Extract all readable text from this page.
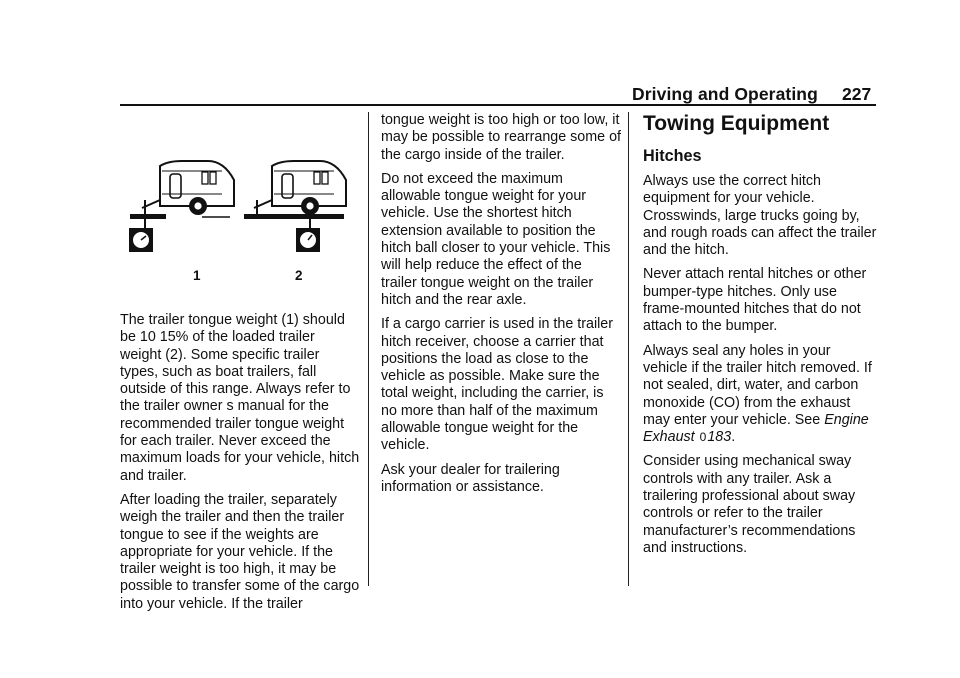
Driving and Operating 227
1	2

The trailer tongue weight (1) should be 10 15% of the loaded trailer weight (2). Some specific trailer types, such as boat trailers, fall outside of this range. Always refer to the trailer owner s manual for the recommended trailer tongue weight for each trailer. Never exceed the maximum loads for your vehicle, hitch and trailer.

After loading the trailer, separately weigh the trailer and then the trailer tongue to see if the weights are appropriate for your vehicle. If the trailer weight is too high, it may be possible to transfer some of the cargo into your vehicle. If the trailer

tongue weight is too high or too low, it may be possible to rearrange some of the cargo inside of the trailer.

Do not exceed the maximum allowable tongue weight for your vehicle. Use the shortest hitch extension available to position the hitch ball closer to your vehicle. This will help reduce the effect of the trailer tongue weight on the trailer hitch and the rear axle.

If a cargo carrier is used in the trailer hitch receiver, choose a carrier that positions the load as close to the vehicle as possible. Make sure the total weight, including the carrier, is no more than half of the maximum allowable tongue weight for the vehicle.

Ask your dealer for trailering information or assistance.

Towing Equipment
Hitches

Always use the correct hitch equipment for your vehicle. Crosswinds, large trucks going by, and rough roads can affect the trailer and the hitch.

Never attach rental hitches or other bumper-type hitches. Only use frame-mounted hitches that do not attach to the bumper.

Always seal any holes in your vehicle if the trailer hitch removed. If not sealed, dirt, water, and carbon monoxide (CO) from the exhaust may enter your vehicle. See Engine Exhaust 0183.

Consider using mechanical sway controls with any trailer. Ask a trailering professional about sway controls or refer to the trailer manufacturer’s recommendations and instructions.
